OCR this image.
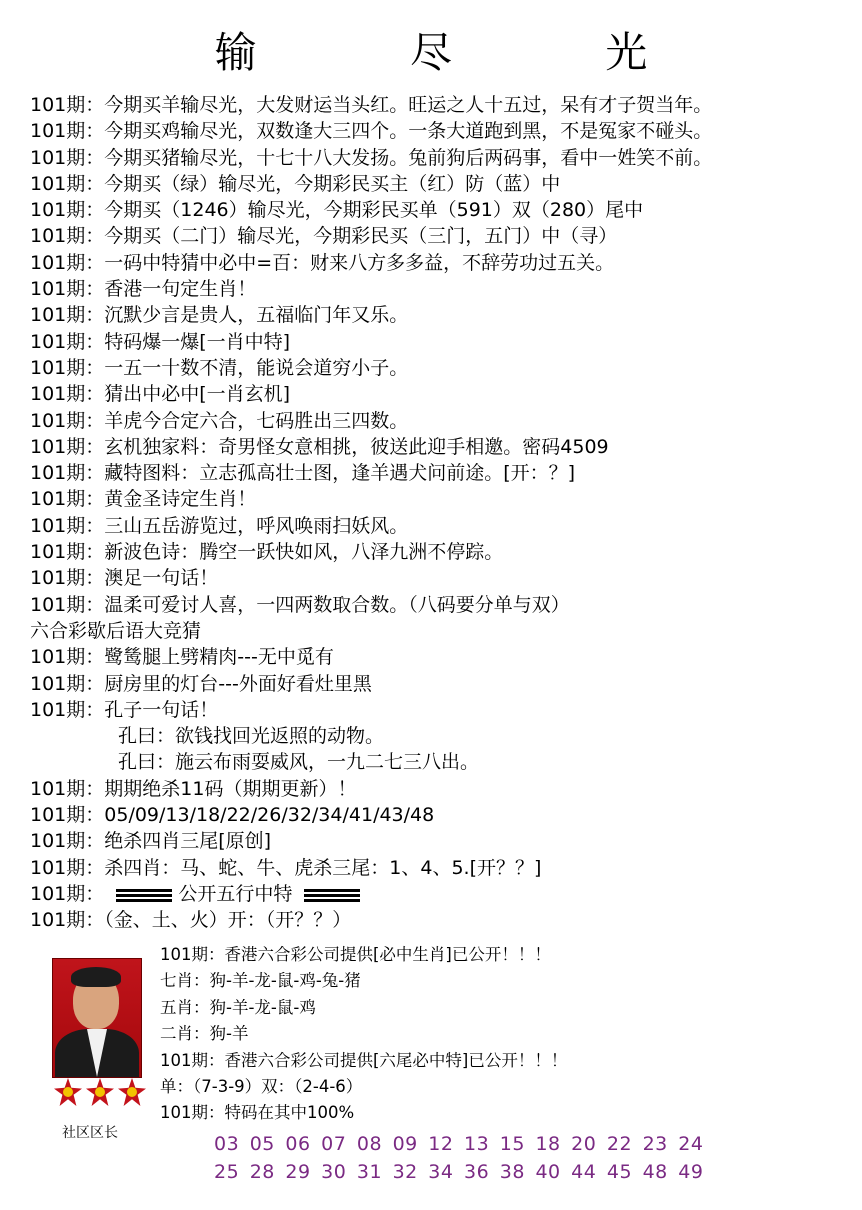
输 尽 光
101期：今期买羊输尽光，大发财运当头红。旺运之人十五过，呆有才子贺当年。
101期：今期买鸡输尽光，双数逢大三四个。一条大道跑到黑，不是冤家不碰头。
101期：今期买猪输尽光，十七十八大发扬。兔前狗后两码事，看中一姓笑不前。
101期：今期买（绿）输尽光，今期彩民买主（红）防（蓝）中
101期：今期买（1246）输尽光，今期彩民买单（591）双（280）尾中
101期：今期买（二门）输尽光，今期彩民买（三门，五门）中（寻）
101期：一码中特猜中必中=百：财来八方多多益，不辞劳功过五关。
101期：香港一句定生肖！
101期：沉默少言是贵人，五福临门年又乐。
101期：特码爆一爆[一肖中特]
101期：一五一十数不清，能说会道穷小子。
101期：猜出中必中[一肖玄机]
101期：羊虎今合定六合，七码胜出三四数。
101期：玄机独家料：奇男怪女意相挑，彼送此迎手相邀。密码4509
101期：藏特图料：立志孤高壮士图，逢羊遇犬问前途。[开：？]
101期：黄金圣诗定生肖！
101期：三山五岳游览过，呼风唤雨扫妖风。
101期：新波色诗：腾空一跃快如风，八泽九洲不停踪。
101期：澳足一句话！
101期：温柔可爱讨人喜，一四两数取合数。（八码要分单与双）
六合彩歇后语大竞猜
101期：鹭鸶腿上劈精肉---无中觅有
101期：厨房里的灯台---外面好看灶里黑
101期：孔子一句话！
孔曰：欲钱找回光返照的动物。
孔曰：施云布雨耍威风，一九二七三八出。
101期：期期绝杀11码（期期更新）！
101期：05/09/13/18/22/26/32/34/41/43/48
101期：绝杀四肖三尾[原创]
101期：杀四肖：马、蛇、牛、虎杀三尾：1、4、5.[开？？]
101期：	公开五行中特
101期：（金、土、火）开：（开？？）
社区区长
101期：香港六合彩公司提供[必中生肖]已公开！！！
七肖：狗-羊-龙-鼠-鸡-兔-猪
五肖：狗-羊-龙-鼠-鸡
二肖：狗-羊
101期：香港六合彩公司提供[六尾必中特]已公开！！！
单：（7-3-9）双：（2-4-6）
101期：特码在其中100%
03 05 06 07 08 09 12 13 15 18 20 22 23 24
25 28 29 30 31 32 34 36 38 40 44 45 48 49
